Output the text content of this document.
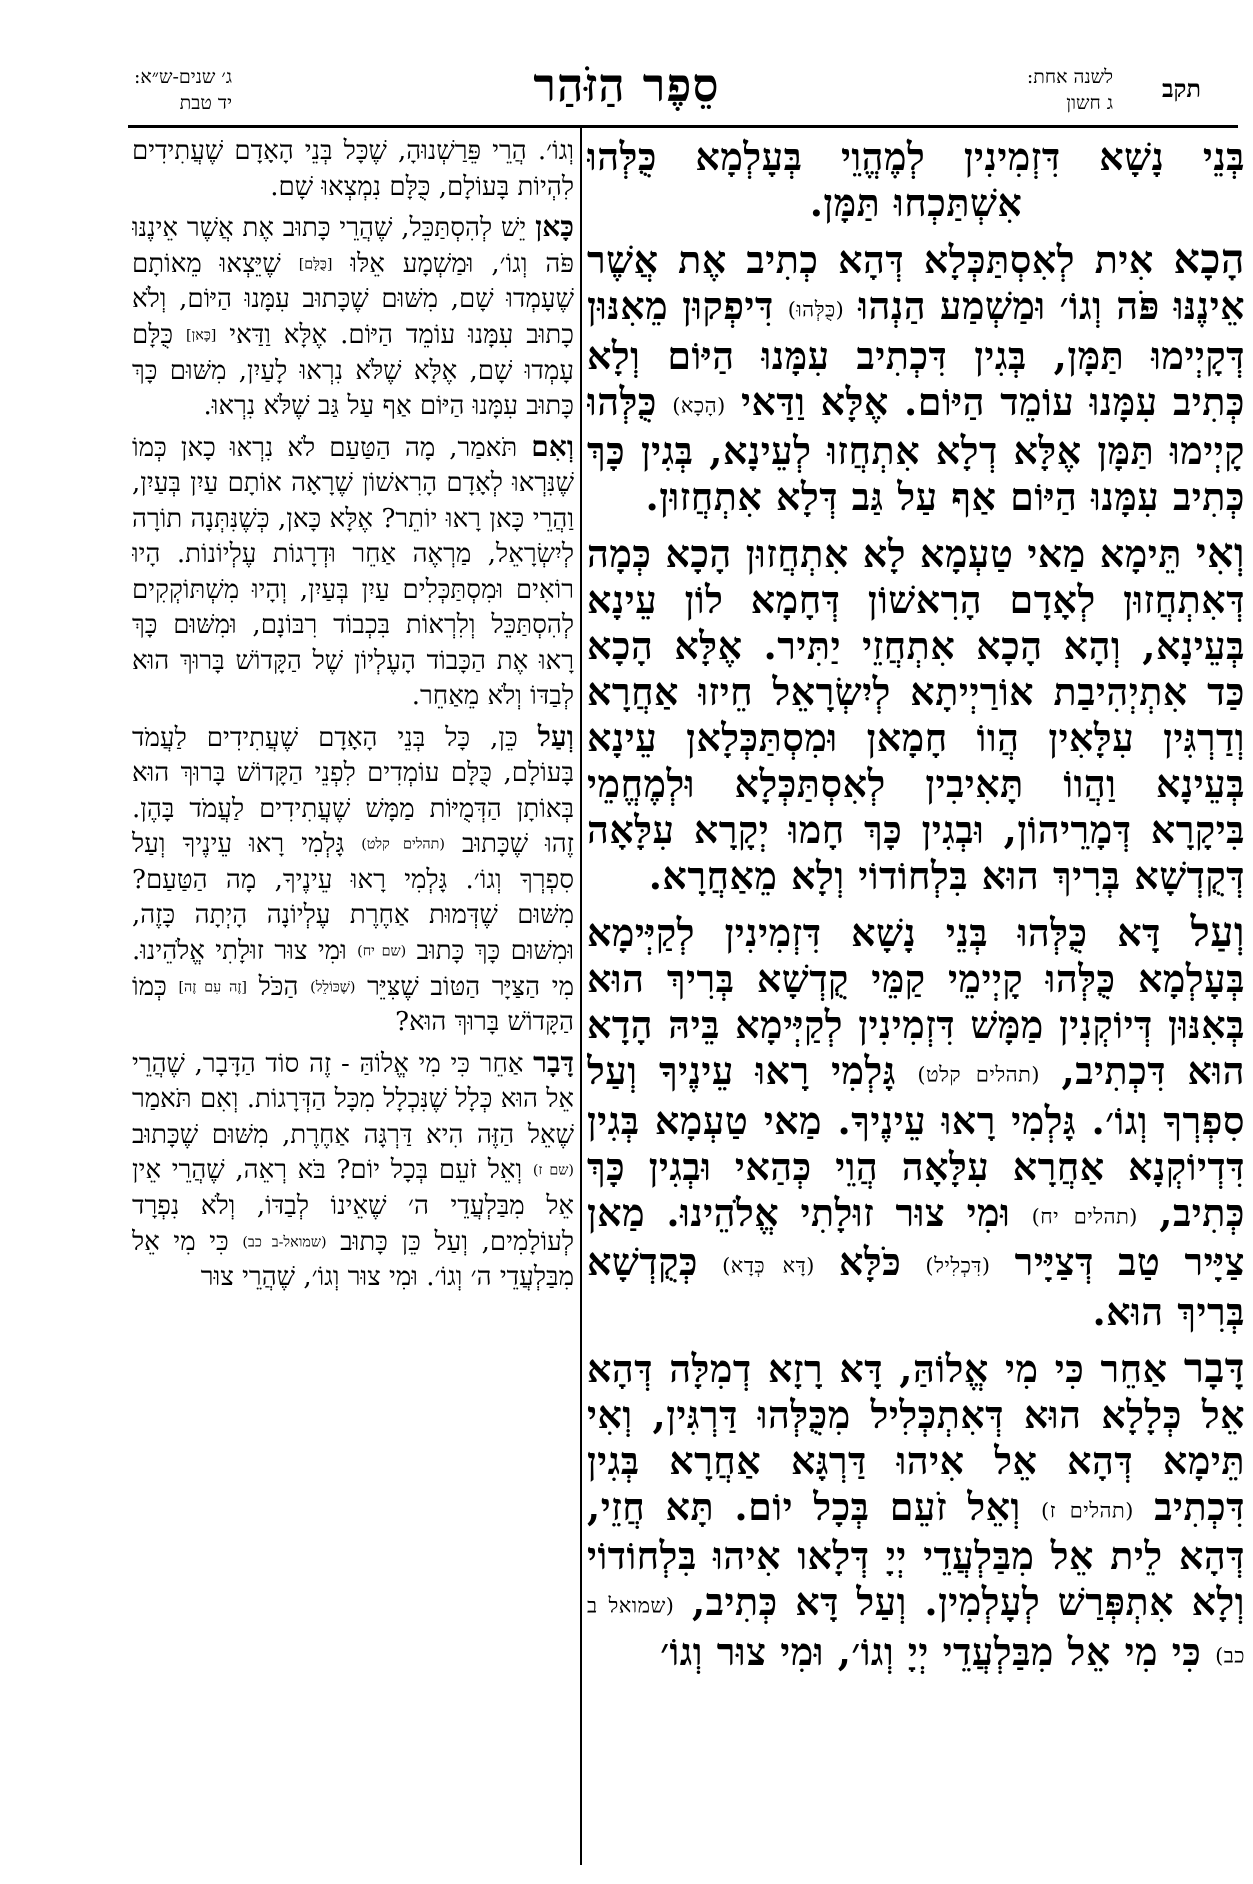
תקב
לשנה אחת:
ג חשון
סֵפֶר הַזֹּהַר
ג׳ שנים-ש״א:
יד טבת

בְּנֵי נָשָׁא דִּזְמִינִין לְמֶהֱוֵי בְּעָלְמָא כֻּלְּהוּ אִשְׁתַּכְחוּ תַּמָּן.

הָכָא אִית לְאִסְתַּכְּלָא דְּהָא כְתִיב אֶת אֲשֶׁר אֵינֶנּוּ פֹּה וְגוֹ׳ וּמַשְׁמַע הַנְהוּ (כֻּלְּהוּ) דִּיפְקוּן מֵאִנּוּן דְּקָיְימוּ תַּמָּן, בְּגִין דִּכְתִיב עִמָּנוּ הַיּוֹם וְלָא כְּתִיב עִמָּנוּ עוֹמֵד הַיּוֹם. אֶלָּא וַדַּאי (הָכָא) כֻּלְּהוּ קָיְימוּ תַּמָּן אֶלָּא דְלָא אִתְחֲזוּ לְעֵינָא, בְּגִין כָּךְ כְּתִיב עִמָּנוּ הַיּוֹם אַף עַל גַּב דְּלָא אִתְחֲזוּן.

וְאִי תֵּימָא מַאי טַעְמָא לָא אִתְחֲזוּן הָכָא כְּמָה דְּאִתְחֲזוּן לְאָדָם הָרִאשׁוֹן דְּחָמָא לוֹן עֵינָא בְּעֵינָא, וְהָא הָכָא אִתְחֲזֵי יַתִּיר. אֶלָּא הָכָא כַּד אִתְיְהִיבַת אוֹרַיְיתָא לְיִשְׂרָאֵל חֵיזוּ אַחֲרָא וְדַרְגִּין עִלָּאִין הֲווֹ חָמָאן וּמִסְתַּכְּלָאן עֵינָא בְּעֵינָא וַהֲווֹ תָּאִיבִין לְאִסְתַּכְּלָא וּלְמֶחֱמֵי בִּיקָרָא דְּמָרֵיהוֹן, וּבְגִין כָּךְ חָמוּ יְקָרָא עִלָּאָה דְּקֻדְשָׁא בְּרִיךְ הוּא בִּלְחוֹדוֹי וְלָא מֵאַחֲרָא.

וְעַל דָּא כֻּלְּהוּ בְּנֵי נָשָׁא דִּזְמִינִין לְקַיְּימָא בְּעָלְמָא כֻּלְּהוּ קָיְימֵי קַמֵּי קֻדְשָׁא בְּרִיךְ הוּא בְּאִנּוּן דְּיוֹקְנִין מַמָּשׁ דִּזְמִינִין לְקַיְּימָא בֵּיהּ הָדָא הוּא דִּכְתִיב, (תהלים קלט) גָּלְמִי רָאוּ עֵינֶיךָ וְעַל סִפְרְךָ וְגוֹ׳. גָּלְמִי רָאוּ עֵינֶיךָ. מַאי טַעְמָא בְּגִין דִּדְיוֹקְנָא אַחֲרָא עִלָּאָה הֲוֵי כְּהַאי וּבְגִין כָּךְ כְּתִיב, (תהלים יח) וּמִי צוּר זוּלָתִי אֱלֹהֵינוּ. מַאן צַיָּיר טַב דְּצַיָּיר (דִּכְלִיל) כֹּלָּא (דָּא כְּדָא) כְּקֻדְשָׁא בְּרִיךְ הוּא.

דָּבָר אַחֵר כִּי מִי אֱלוֹהַּ, דָּא רָזָא דְמִלָּה דְּהָא אֵל כְּלָלָא הוּא דְּאִתְכְּלִיל מִכֻּלְּהוּ דַּרְגִּין, וְאִי תֵּימָא דְּהָא אֵל אִיהוּ דַּרְגָּא אַחֲרָא בְּגִין דִּכְתִיב (תהלים ז) וְאֵל זֹעֵם בְּכָל יוֹם. תָּא חֲזֵי, דְּהָא לֵית אֵל מִבַּלְעֲדֵי יְיָ דְּלָאו אִיהוּ בִּלְחוֹדוֹי וְלָא אִתְפְּרַשׁ לְעָלְמִין. וְעַל דָּא כְּתִיב, (שמואל ב כב) כִּי מִי אֵל מִבַּלְעֲדֵי יְיָ וְגוֹ׳, וּמִי צוּר וְגוֹ׳

וְגוֹ׳. הֲרֵי פֵּרַשְׁנוּהָ, שֶׁכָּל בְּנֵי הָאָדָם שֶׁעֲתִידִים לִהְיוֹת בָּעוֹלָם, כֻּלָּם נִמְצְאוּ שָׁם.

כָּאן יֵשׁ לְהִסְתַּכֵּל, שֶׁהֲרֵי כָּתוּב אֶת אֲשֶׁר אֵינֶנּוּ פֹּה וְגוֹ׳, וּמַשְׁמָע אֵלּוּ [כֻּלָּם] שֶׁיֵּצְאוּ מֵאוֹתָם שֶׁעָמְדוּ שָׁם, מִשּׁוּם שֶׁכָּתוּב עִמָּנוּ הַיּוֹם, וְלֹא כָתוּב עִמָּנוּ עוֹמֵד הַיּוֹם. אֶלָּא וַדַּאי [כָּאן] כֻּלָּם עָמְדוּ שָׁם, אֶלָּא שֶׁלֹּא נִרְאוּ לָעַיִן, מִשּׁוּם כָּךְ כָּתוּב עִמָּנוּ הַיּוֹם אַף עַל גַּב שֶׁלֹּא נִרְאוּ.

וְאִם תֹּאמַר, מָה הַטַּעַם לֹא נִרְאוּ כָאן כְּמוֹ שֶׁנִּרְאוּ לְאָדָם הָרִאשׁוֹן שֶׁרָאָה אוֹתָם עַיִן בְּעַיִן, וַהֲרֵי כָּאן רָאוּ יוֹתֵר? אֶלָּא כָּאן, כְּשֶׁנִּתְּנָה תוֹרָה לְיִשְׂרָאֵל, מַרְאֶה אַחֵר וּדְרָגוֹת עֶלְיוֹנוֹת. הָיוּ רוֹאִים וּמִסְתַּכְּלִים עַיִן בְּעַיִן, וְהָיוּ מִשְׁתּוֹקְקִים לְהִסְתַּכֵּל וְלִרְאוֹת בִּכְבוֹד רִבּוֹנָם, וּמִשּׁוּם כָּךְ רָאוּ אֶת הַכָּבוֹד הָעֶלְיוֹן שֶׁל הַקָּדוֹשׁ בָּרוּךְ הוּא לְבַדּוֹ וְלֹא מֵאַחֵר.

וְעַל כֵּן, כָּל בְּנֵי הָאָדָם שֶׁעֲתִידִים לַעֲמֹד בָּעוֹלָם, כֻּלָּם עוֹמְדִים לִפְנֵי הַקָּדוֹשׁ בָּרוּךְ הוּא בְּאוֹתָן הַדְּמֻיּוֹת מַמָּשׁ שֶׁעֲתִידִים לַעֲמֹד בָּהֶן. זֶהוּ שֶׁכָּתוּב (תהלים קלט) גָּלְמִי רָאוּ עֵינֶיךָ וְעַל סִפְרְךָ וְגוֹ׳. גָּלְמִי רָאוּ עֵינֶיךָ, מָה הַטַּעַם? מִשּׁוּם שֶׁדְּמוּת אַחֶרֶת עֶלְיוֹנָה הָיְתָה כָּזֶה, וּמִשּׁוּם כָּךְ כָּתוּב (שם יח) וּמִי צוּר זוּלָתִי אֱלֹהֵינוּ. מִי הַצַּיָּר הַטּוֹב שֶׁצִּיֵּר (שֶׁכּוֹלֵל) הַכֹּל [זֶה עִם זֶה] כְּמוֹ הַקָּדוֹשׁ בָּרוּךְ הוּא?

דָּבָר אַחֵר כִּי מִי אֱלוֹהַּ - זֶה סוֹד הַדָּבָר, שֶׁהֲרֵי אֵל הוּא כְּלָל שֶׁנִּכְלָל מִכָּל הַדְּרָגוֹת. וְאִם תֹּאמַר שֶׁאֵל הַזֶּה הִיא דַּרְגָּה אַחֶרֶת, מִשּׁוּם שֶׁכָּתוּב (שם ז) וְאֵל זֹעֵם בְּכָל יוֹם? בֹּא רְאֵה, שֶׁהֲרֵי אֵין אֵל מִבַּלְעֲדֵי ה׳ שֶׁאֵינוֹ לְבַדּוֹ, וְלֹא נִפְרָד לְעוֹלָמִים, וְעַל כֵּן כָּתוּב (שמואל-ב כב) כִּי מִי אֵל מִבַּלְעֲדֵי ה׳ וְגוֹ׳. וּמִי צוּר וְגוֹ׳, שֶׁהֲרֵי צוּר
